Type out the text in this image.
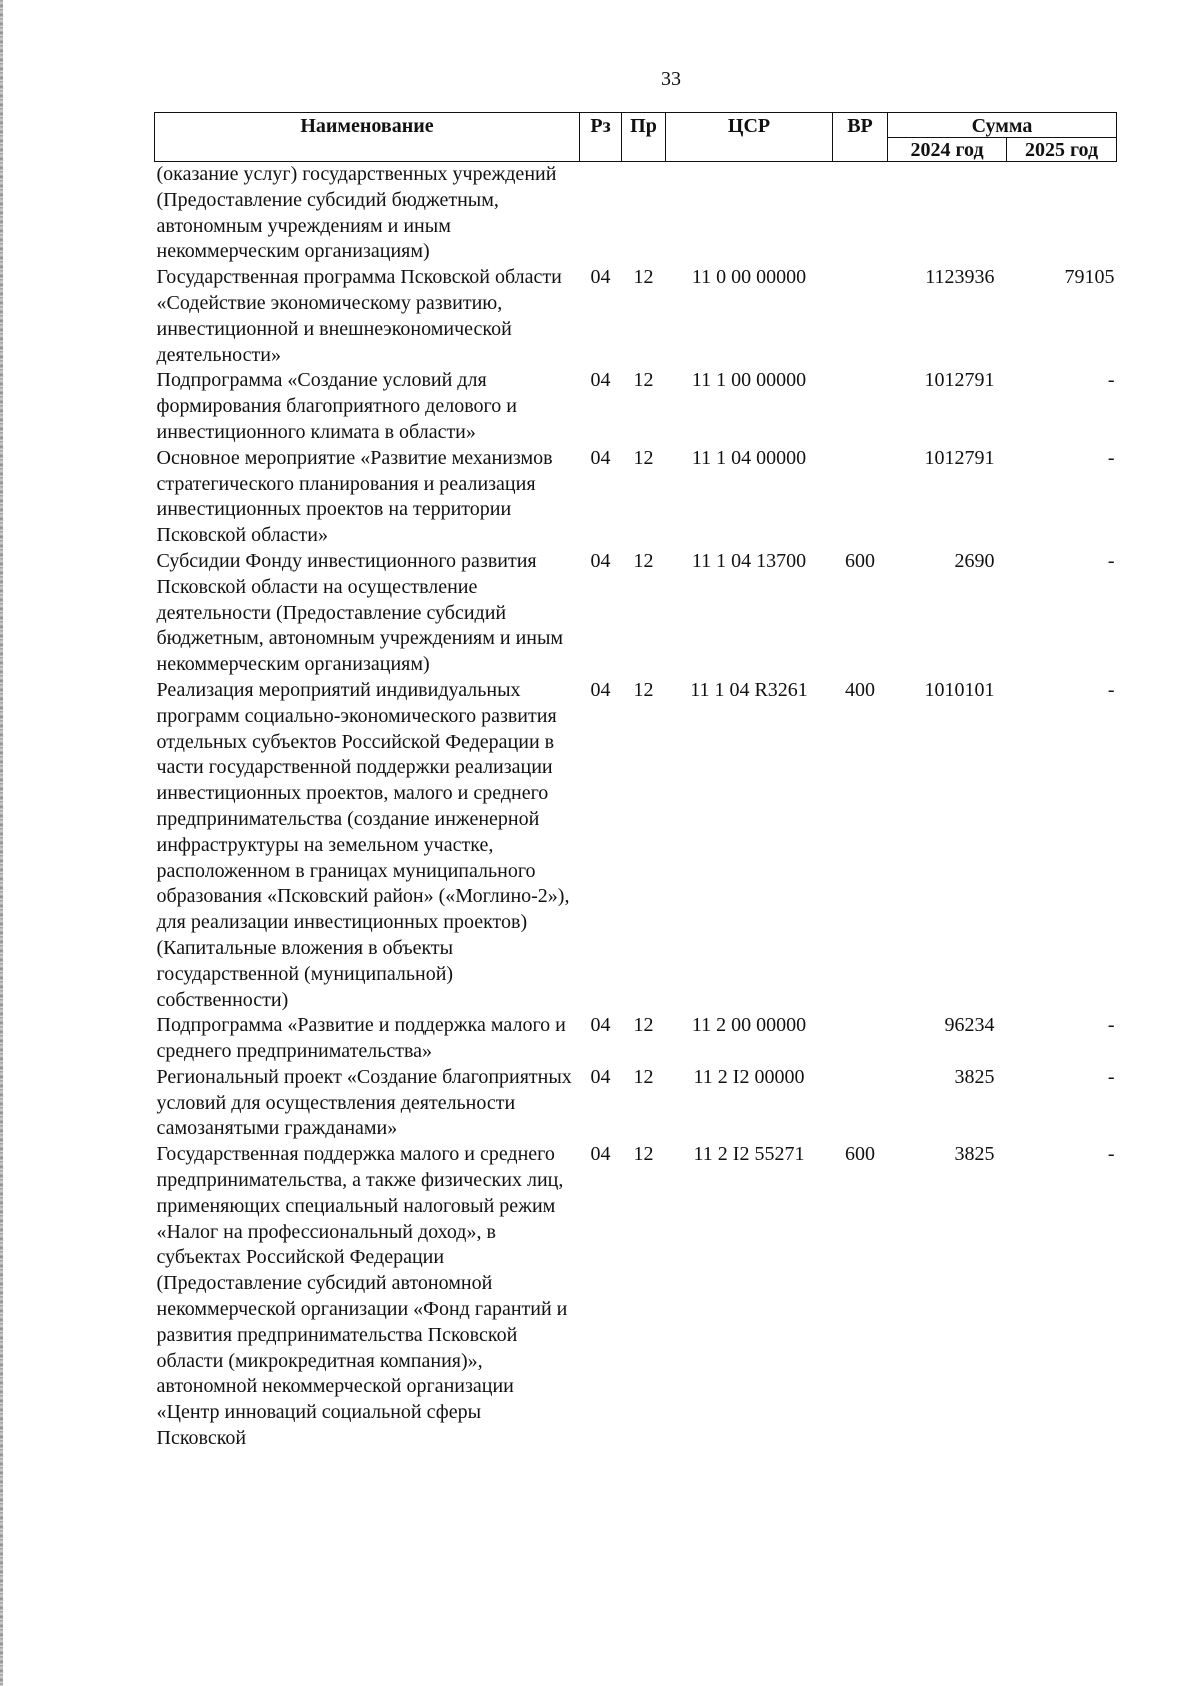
33
Наименование	Рз	Пр	ЦСР	ВР	Сумма	
					2024 год	2025 год
(оказание услуг) государственных учреждений (Предоставление субсидий бюджетным, автономным учреждениям и иным некоммерческим организациям)						
Государственная программа Псковской области «Содействие экономическому развитию, инвестиционной и внешнеэкономической деятельности»	04	12	11 0 00 00000		1123936	79105
Подпрограмма «Создание условий для формирования благоприятного делового и инвестиционного климата в области»	04	12	11 1 00 00000		1012791	-
Основное мероприятие «Развитие механизмов стратегического планирования и реализация инвестиционных проектов на территории Псковской области»	04	12	11 1 04 00000		1012791	-
Субсидии Фонду инвестиционного развития Псковской области на осуществление деятельности (Предоставление субсидий бюджетным, автономным учреждениям и иным некоммерческим организациям)	04	12	11 1 04 13700	600	2690	-
Реализация мероприятий индивидуальных программ социально-экономического развития отдельных субъектов Российской Федерации в части государственной поддержки реализации инвестиционных проектов, малого и среднего предпринимательства (создание инженерной инфраструктуры на земельном участке, расположенном в границах муниципального образования «Псковский район» («Моглино-2»), для реализации инвестиционных проектов) (Капитальные вложения в объекты государственной (муниципальной) собственности)	04	12	11 1 04 R3261	400	1010101	-
Подпрограмма «Развитие и поддержка малого и среднего предпринимательства»	04	12	11 2 00 00000		96234	-
Региональный проект «Создание благоприятных условий для осуществления деятельности самозанятыми гражданами»	04	12	11 2 I2 00000		3825	-
Государственная поддержка малого и среднего предпринимательства, а также физических лиц, применяющих специальный налоговый режим «Налог на профессиональный доход», в субъектах Российской Федерации (Предоставление субсидий автономной некоммерческой организации «Фонд гарантий и развития предпринимательства Псковской области (микрокредитная компания)», автономной некоммерческой организации «Центр инноваций социальной сферы Псковской	04	12	11 2 I2 55271	600	3825	-
